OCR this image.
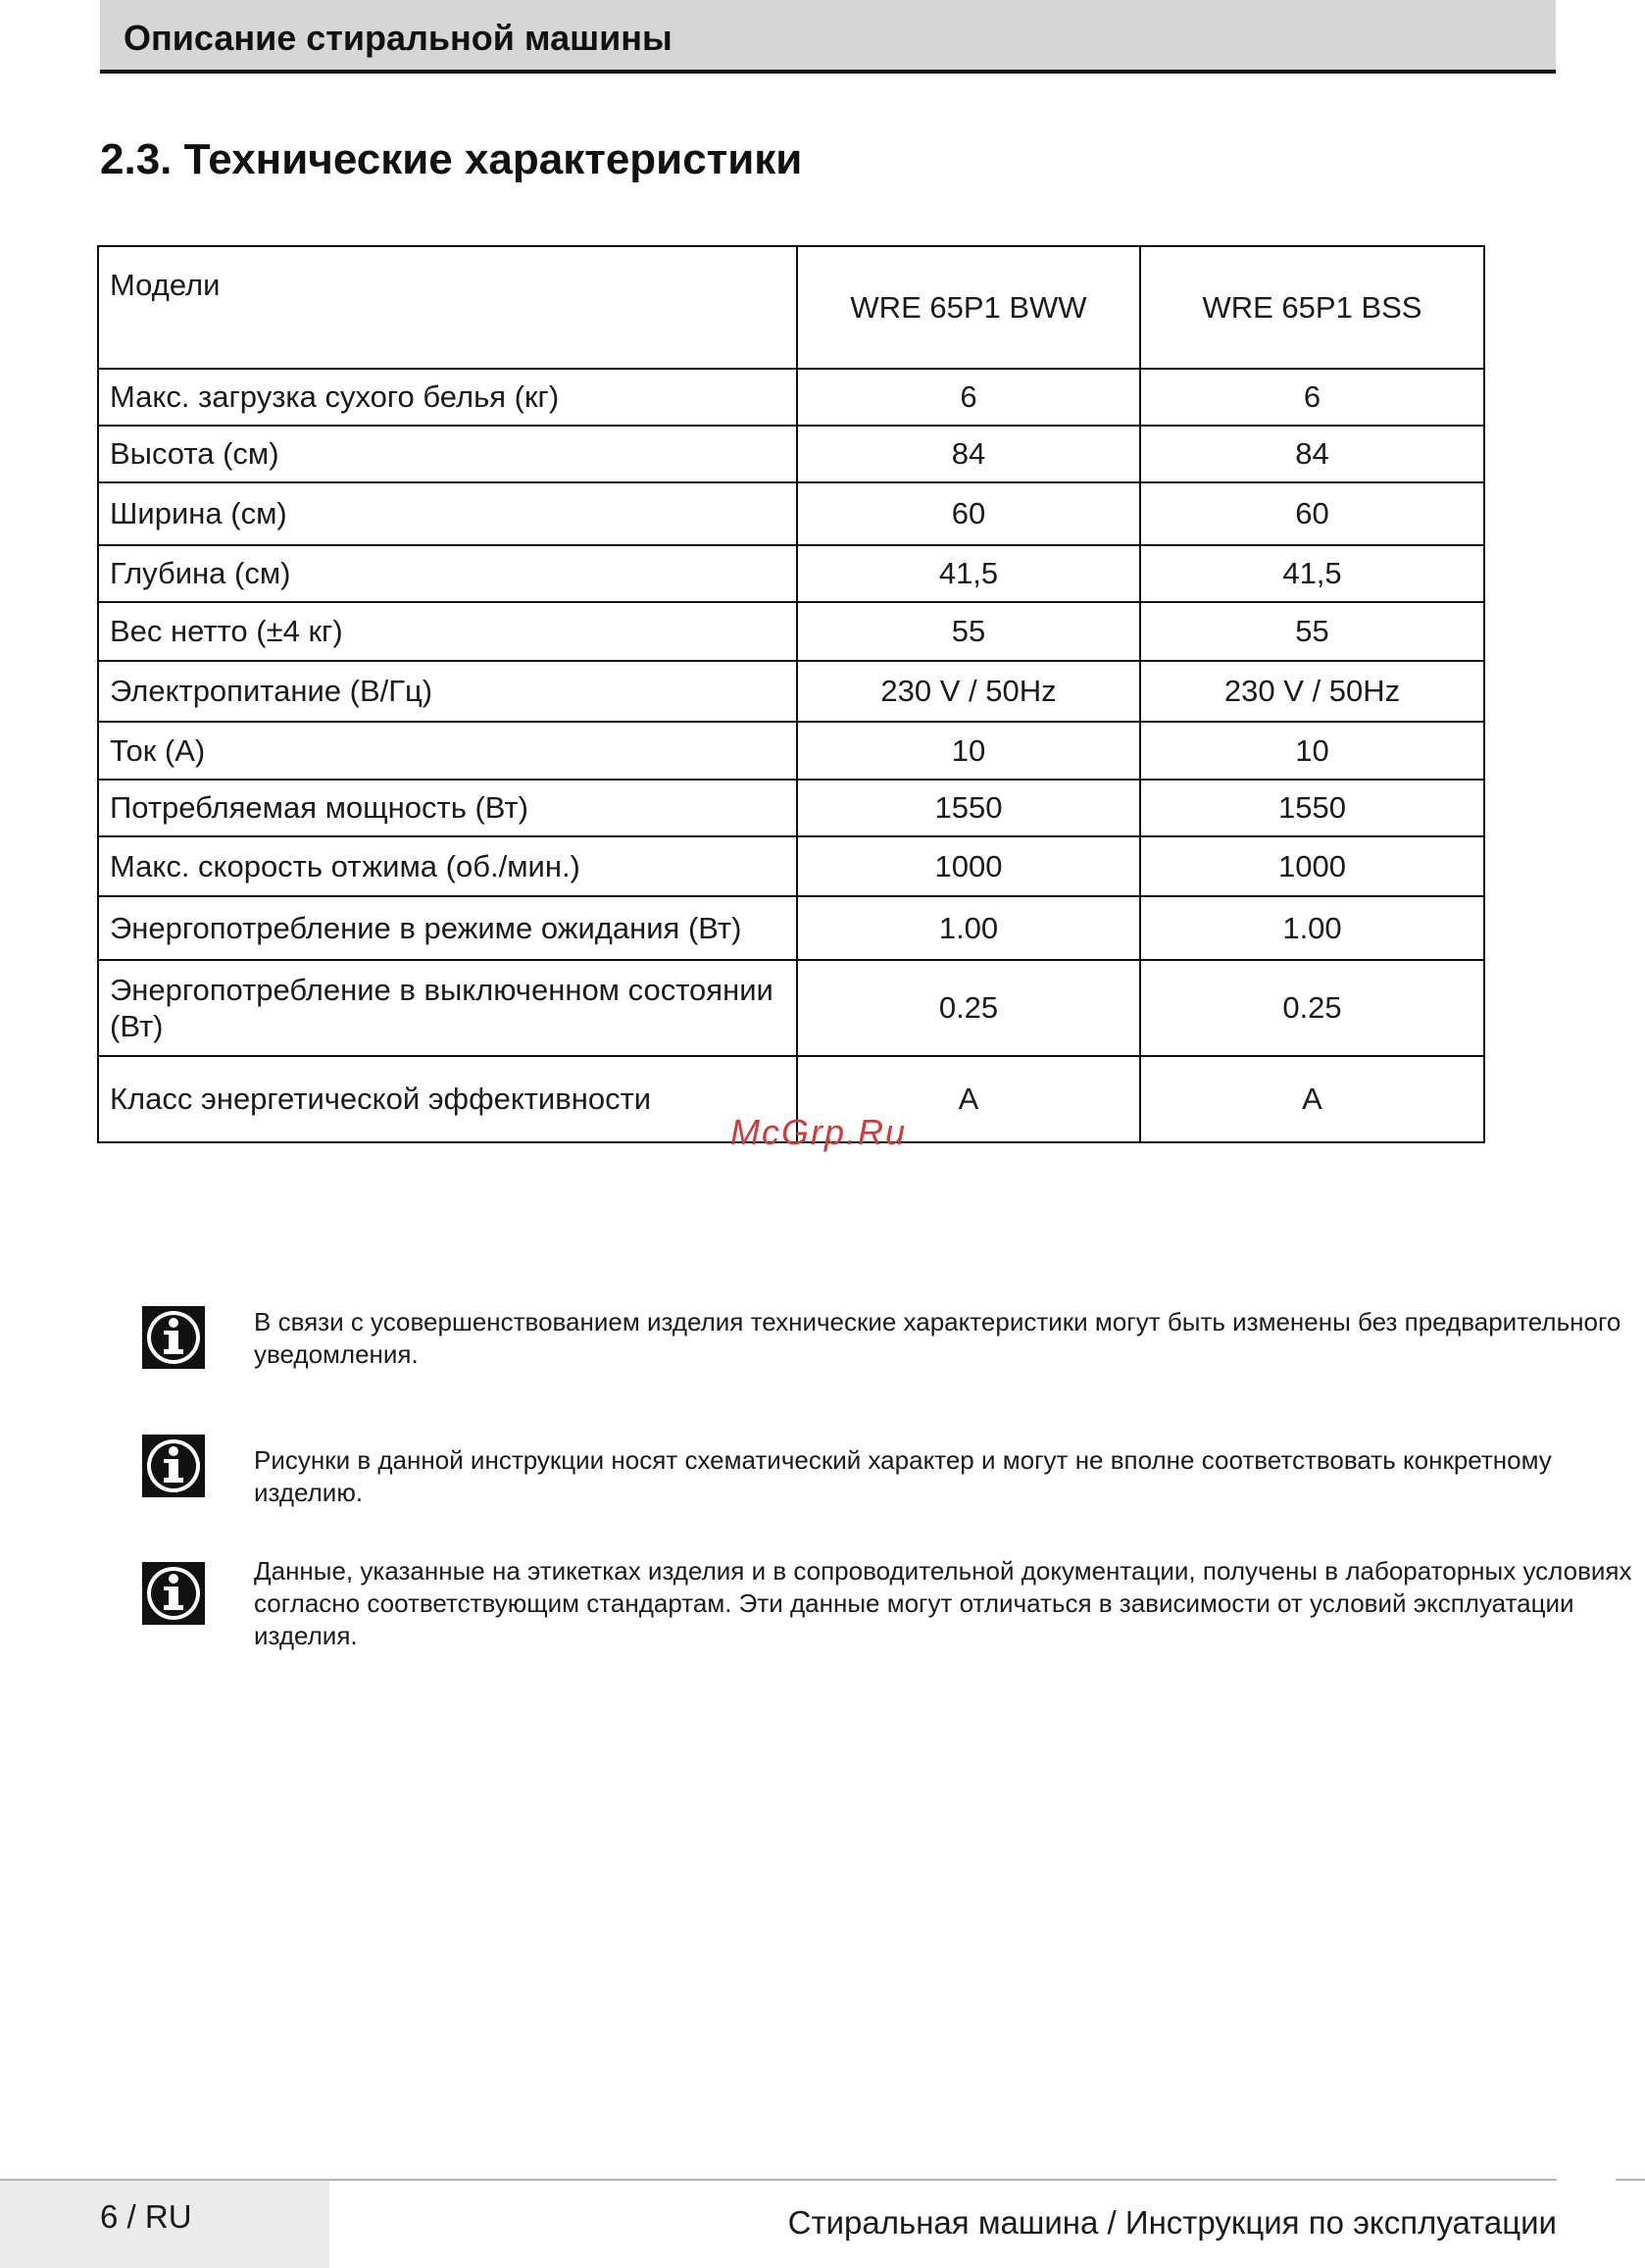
Описание стиральной машины
2.3. Технические характеристики
Модели	WRE 65P1 BWW	WRE 65P1 BSS
Макс. загрузка сухого белья (кг)	6	6
Высота (см)	84	84
Ширина (см)	60	60
Глубина (см)	41,5	41,5
Вес нетто (±4 кг)	55	55
Электропитание (В/Гц)	230 V / 50Hz	230 V / 50Hz
Ток (А)	10	10
Потребляемая мощность (Вт)	1550	1550
Макс. скорость отжима (об./мин.)	1000	1000
Энергопотребление в режиме ожидания (Вт)	1.00	1.00
Энергопотребление в выключенном состоянии (Вт)	0.25	0.25
Класс энергетической эффективности	A	A
McGrp.Ru
В связи с усовершенствованием изделия технические характеристики могут быть изменены без предварительного уведомления.
Рисунки в данной инструкции носят схематический характер и могут не вполне соответствовать конкретному изделию.
Данные, указанные на этикетках изделия и в сопроводительной документации, получены в лабораторных условиях согласно соответствующим стандартам. Эти данные могут отличаться в зависимости от условий эксплуатации изделия.
6 / RU	Стиральная машина / Инструкция по эксплуатации
